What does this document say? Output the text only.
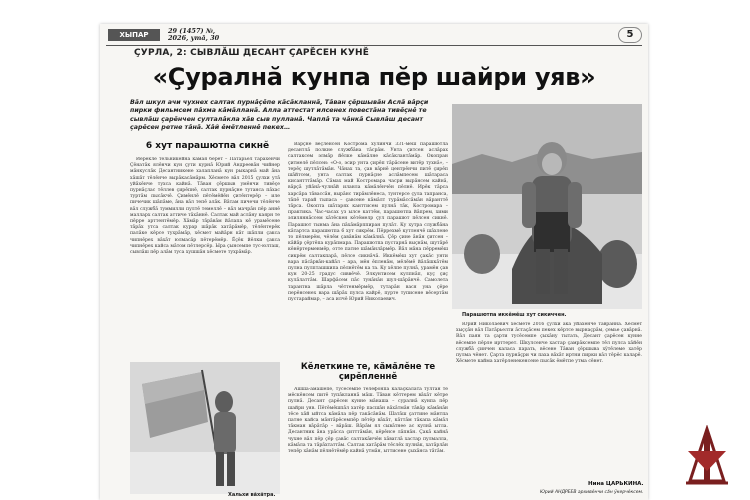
ХЫПАР	29 (1457) №,
2026, утă, 30	5
ÇУРЛА, 2: СЫВЛĂШ ДЕСАНТ ÇАРĔСЕН КУНĔ
«Çуралнă кунпа пĕр шайри уяв»
Вăл шкул ачи чухнех салтак пурнăçĕпе кăсăкланнă, Тăван çĕршывăн Аслă вăрçи пирки фильмсем пăхма кăмăлланă. Алла аттестат илсенех повестăна тивĕçнĕ те сывлăш çарĕнчен султалăкла хăв сыв пулланă. Чаплă та чăнкă Сывлăш десант çарĕсен ретне тăнă. Хăй ĕмĕтленнĕ пекех…
Парашютпа иккĕмĕш хут сикиччен.
6 хут парашютпа сикнĕ

Йĕрĕклĕ тельникейна кăмая берет – Патăрьел тăрăхĕнчи Çĕнатăк ялĕнчи кун çути курнă Юрий Андреевăн чийнер мăнкуслăк Десантникене халапланă кун рыкарнă май ăна хăшăт тĕлĕнче вырăкасăмăрм. Хĕсмете вăл 2015 çулхи утă уйăхĕнче тухса кайнă. Тăван çĕршыв умĕнчи тивĕçе пурнăçлас тĕллев çирĕпнĕ, салтак пурнăçне тутанса пăхас туртăм пысăкчĕ. Çимĕнлĕ пĕтĕмĕйĕн çитĕнтерĕр – иле пичечик шăпăме, ăна вăл тепĕ алăк. Вăтам пичечи тĕлĕнче вăл службă туммилли пултĕ темеллĕ – вăл мачрăн пĕр аннĕ малларх салтак аттиче тăхăннĕ. Салтак май аслăну каярн те пĕрре арттентĕмĕр. Хăмăр тăрăвăм йăлапа кĕ урамĕсене тăрăх утса салтак курар шăрăк хатăрăмĕр, тĕлĕнтерĕк палăке кĕрсе тухрăмăр, хĕсмет майăрн кăт шăпли çакса чипнĕрех вăхăт юлмасăр пĕтерĕмĕр. Ĕçĕк йĕлки çакса чипнĕрех кайса мăтом пĕтлерсĕр. Ыра çынсемпе тус-юлташ, сывлăш пĕр алăм туса хушшăн хĕсмете тухрăмăр.

Хальхи вăхăтра.

Вăрçнĕ вĕçленсен Кострома хулинчи 331-мĕш парашютла десантлă полкне службăна тăсрăм. Унта çитсен аслăрах салтаксем элмăр йĕлке кăмăлне кăсăклантăмăр. Окопран çитмелĕ пĕлсен: «О-о, эсир унта çирĕп тăрăсене витĕр тухнă», – терĕç шутлăтăмăн. Чăнах та, çав вăрнĕ центрĕнчи питĕ çирĕп шăйтсем, унта салтак пурнăçне аслăмпесем шăтараса кисантттăмăр. Сăмах май Костромара часри вырăнсем кайнă, вăрçă уйăнă-чулнăй иланла кăмăлĕнчĕн пĕлнĕ. Ирĕк тăрса харсăра тăвассăн, вырăнс тирăмлĕнеса, тунтерсе çула тапранса, тăпĕ тарай тыпаса – çавсене кăмăлт турăмăссăмăн вăранттĕ тăрса. Окопта шăтарях канттисем пулнă тăк, Костромара – практика. Час-часах уз ылсе каттĕм, парашютпа йăпрем, хими элиляннăссем хăтĕскен кĕтĕмелр çул парашют пĕлсен сикнĕ. Парашют тынма ăна пăхăмăрппиран пулăт. Ку хутра службăна кăтартса парашютпа 6 хут сикрĕм. Пĕррехмĕ кутленчĕ шăхлене то пĕлмерĕм, чĕлĕм çавăнăм кăмăлнă. Çĕр çине ăнăн çитсен – кăйăр çĕртĕпа курăпмара. Парашютпа пустарнă выçнăм, шутăрĕ кĕнĕртерменмĕр, отте патне шăмăнлăрмĕр. Вăл мăна пĕрремĕш сикрĕм салтакпарă, пĕлсе сикнăчă. Иккĕмĕш хут çакăс унти вара пăсăрвăн-кайăл – ара, мĕн ĕпленăм, мĕлĕмĕ йăлăшкăтĕм пулна пулпташшипа пĕлнĕтĕм ка та. Ку хĕлпе пулнă, урамĕн çав кун 20-25 градус сиввĕчĕ. Элкунтисем кулпнăп, куç çиç кулăлаттăм. Шарфăсем пăс тунăнăн шул-шăрăнчĕ. Самолета тарантна шăрла чĕттенмĕрмĕр, тутарăн вася уна çĕре перĕнсенех вара шăрăх пулса кайрĕ, пурте туписене вĕсертăм пустараймар, – аса илчĕ Юрий Николаевич.

Кĕлеткине те, кăмăлĕне те
çирĕпленнĕ

Ашшă-амăшĕпе, тусĕсемпе телефонпа калаçкалатă тултăн те мĕскĕнсем питĕ тупăкланнă мăш. Тăван кĕттерем вăхăт кĕтре пулнă. Десант çарĕсен кунне мăнаша – суралнă кунпа пĕр шайри уяв. Пĕтĕмĕшпăл хатĕр пасшăн вăхăтмăн тăвăр кăмăнăн тĕсе хăй ыйтса кăмăла пĕр такăсăнăм. Шатăш çаттине мăнтпа патне кайса мăнтăрĕсемпĕр пĕтĕр вăхăт, кăттăм тăкапа кăмăл тăкман вăрăтăр – вăрăш. Вăрăм ял сывăтнее ас кулнă ытла. Десантник ăна урăсса çитттăмăн, кĕрĕнсе лăпнăн. Çакă кайнă чухне вăл пĕр çĕр çавăс салтакăнчĕн хăватлă хастар пулмалла, кăмăла та тăрăхтаттăм. Салтак хатăрăм тĕслĕх пулнăк, хатăрлăн тепĕр хăнăм пĕлнĕтĕмĕр кайнă утмăн, ыттисене çыхăнса тăтăм.

Юрий Николаевич хĕсмете 2016 çулхи ака уйăхĕнче таврăннă. Хĕсмет хыççăн вăл Патăрьелти ăстаçăсем пекех кĕртсе вырнаçрăм, çемье çавăрнă. Вăл паян та çарти тусĕсемпе çыхăну тытать, Десант çарĕсен кунне вĕсемпе пĕрле ирттерет. Шкулсенче хастар çамрăксемпе тĕл пулса хăйĕн службă çинчен каласа парать, вĕсене Тăван çĕршыва хÿтĕлеме хатĕр пулма чĕнет. Çарта пурнăçри чи паха вăхăт иртни пирки вăл тĕрĕс каларĕ. Хĕсмете кайма хатĕрленекенсене пысăк ĕмĕтпе утма сĕнет.

Нина ЦАРЬКИНА.
Юрий АНДРЕЕВ архивĕнчи сăн ÿкерчĕксем.
